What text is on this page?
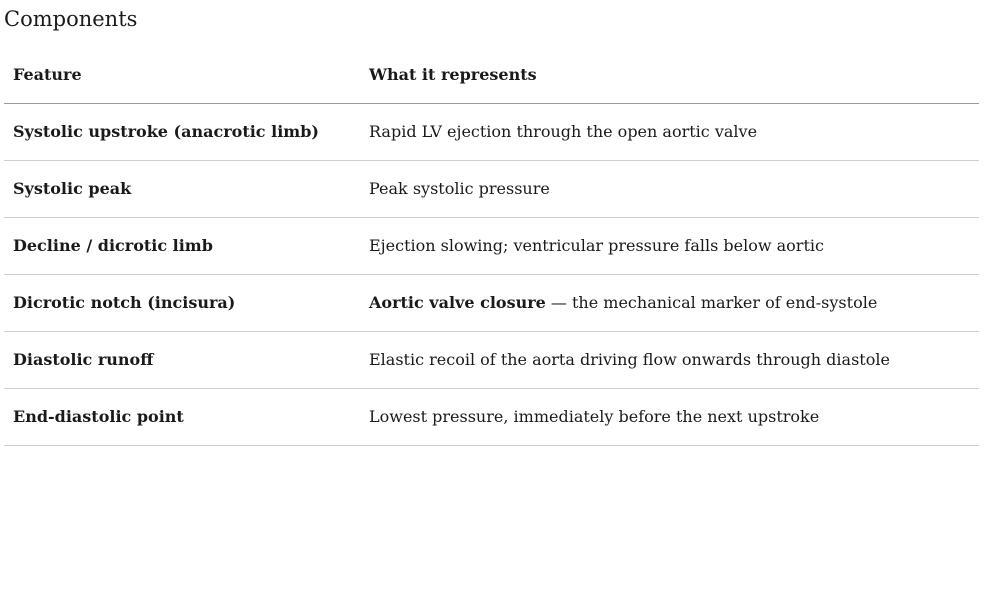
Components
Feature	What it represents
Systolic upstroke (anacrotic limb)	Rapid LV ejection through the open aortic valve
Systolic peak	Peak systolic pressure
Decline / dicrotic limb	Ejection slowing; ventricular pressure falls below aortic
Dicrotic notch (incisura)	Aortic valve closure — the mechanical marker of end-systole
Diastolic runoff	Elastic recoil of the aorta driving flow onwards through diastole
End-diastolic point	Lowest pressure, immediately before the next upstroke
